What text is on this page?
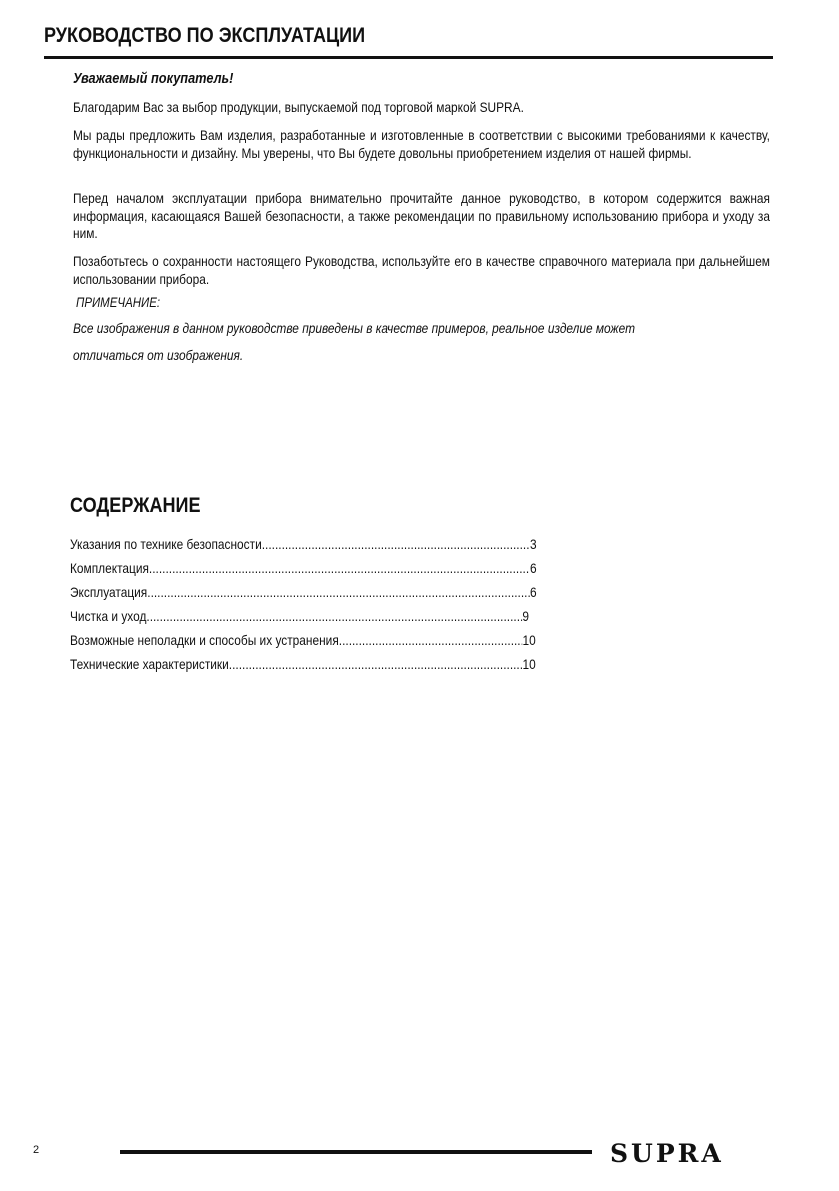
РУКОВОДСТВО ПО ЭКСПЛУАТАЦИИ
Уважаемый покупатель!
Благодарим Вас за выбор продукции, выпускаемой под торговой маркой SUPRA.
Мы рады предложить Вам изделия, разработанные и изготовленные в соответствии с высокими требованиями к качеству, функциональности и дизайну. Мы уверены, что Вы будете довольны приобретением изделия от нашей фирмы.
Перед началом эксплуатации прибора внимательно прочитайте данное руководство, в котором содержится важная информация, касающаяся Вашей безопасности, а также рекомендации по правильному использованию прибора и уходу за ним.
Позаботьтесь о сохранности настоящего Руководства, используйте его в качестве справочного материала при дальнейшем использовании прибора.
ПРИМЕЧАНИЕ:
Все изображения в данном руководстве приведены в качестве примеров, реальное изделие может
отличаться от изображения.
СОДЕРЖАНИЕ
Указания по технике безопасности .....	3
Комплектация .....	6
Эксплуатация .....	6
Чистка и уход .....	9
Возможные неполадки и способы их устранения .....	10
Технические характеристики .....	10
2	SUPRA
